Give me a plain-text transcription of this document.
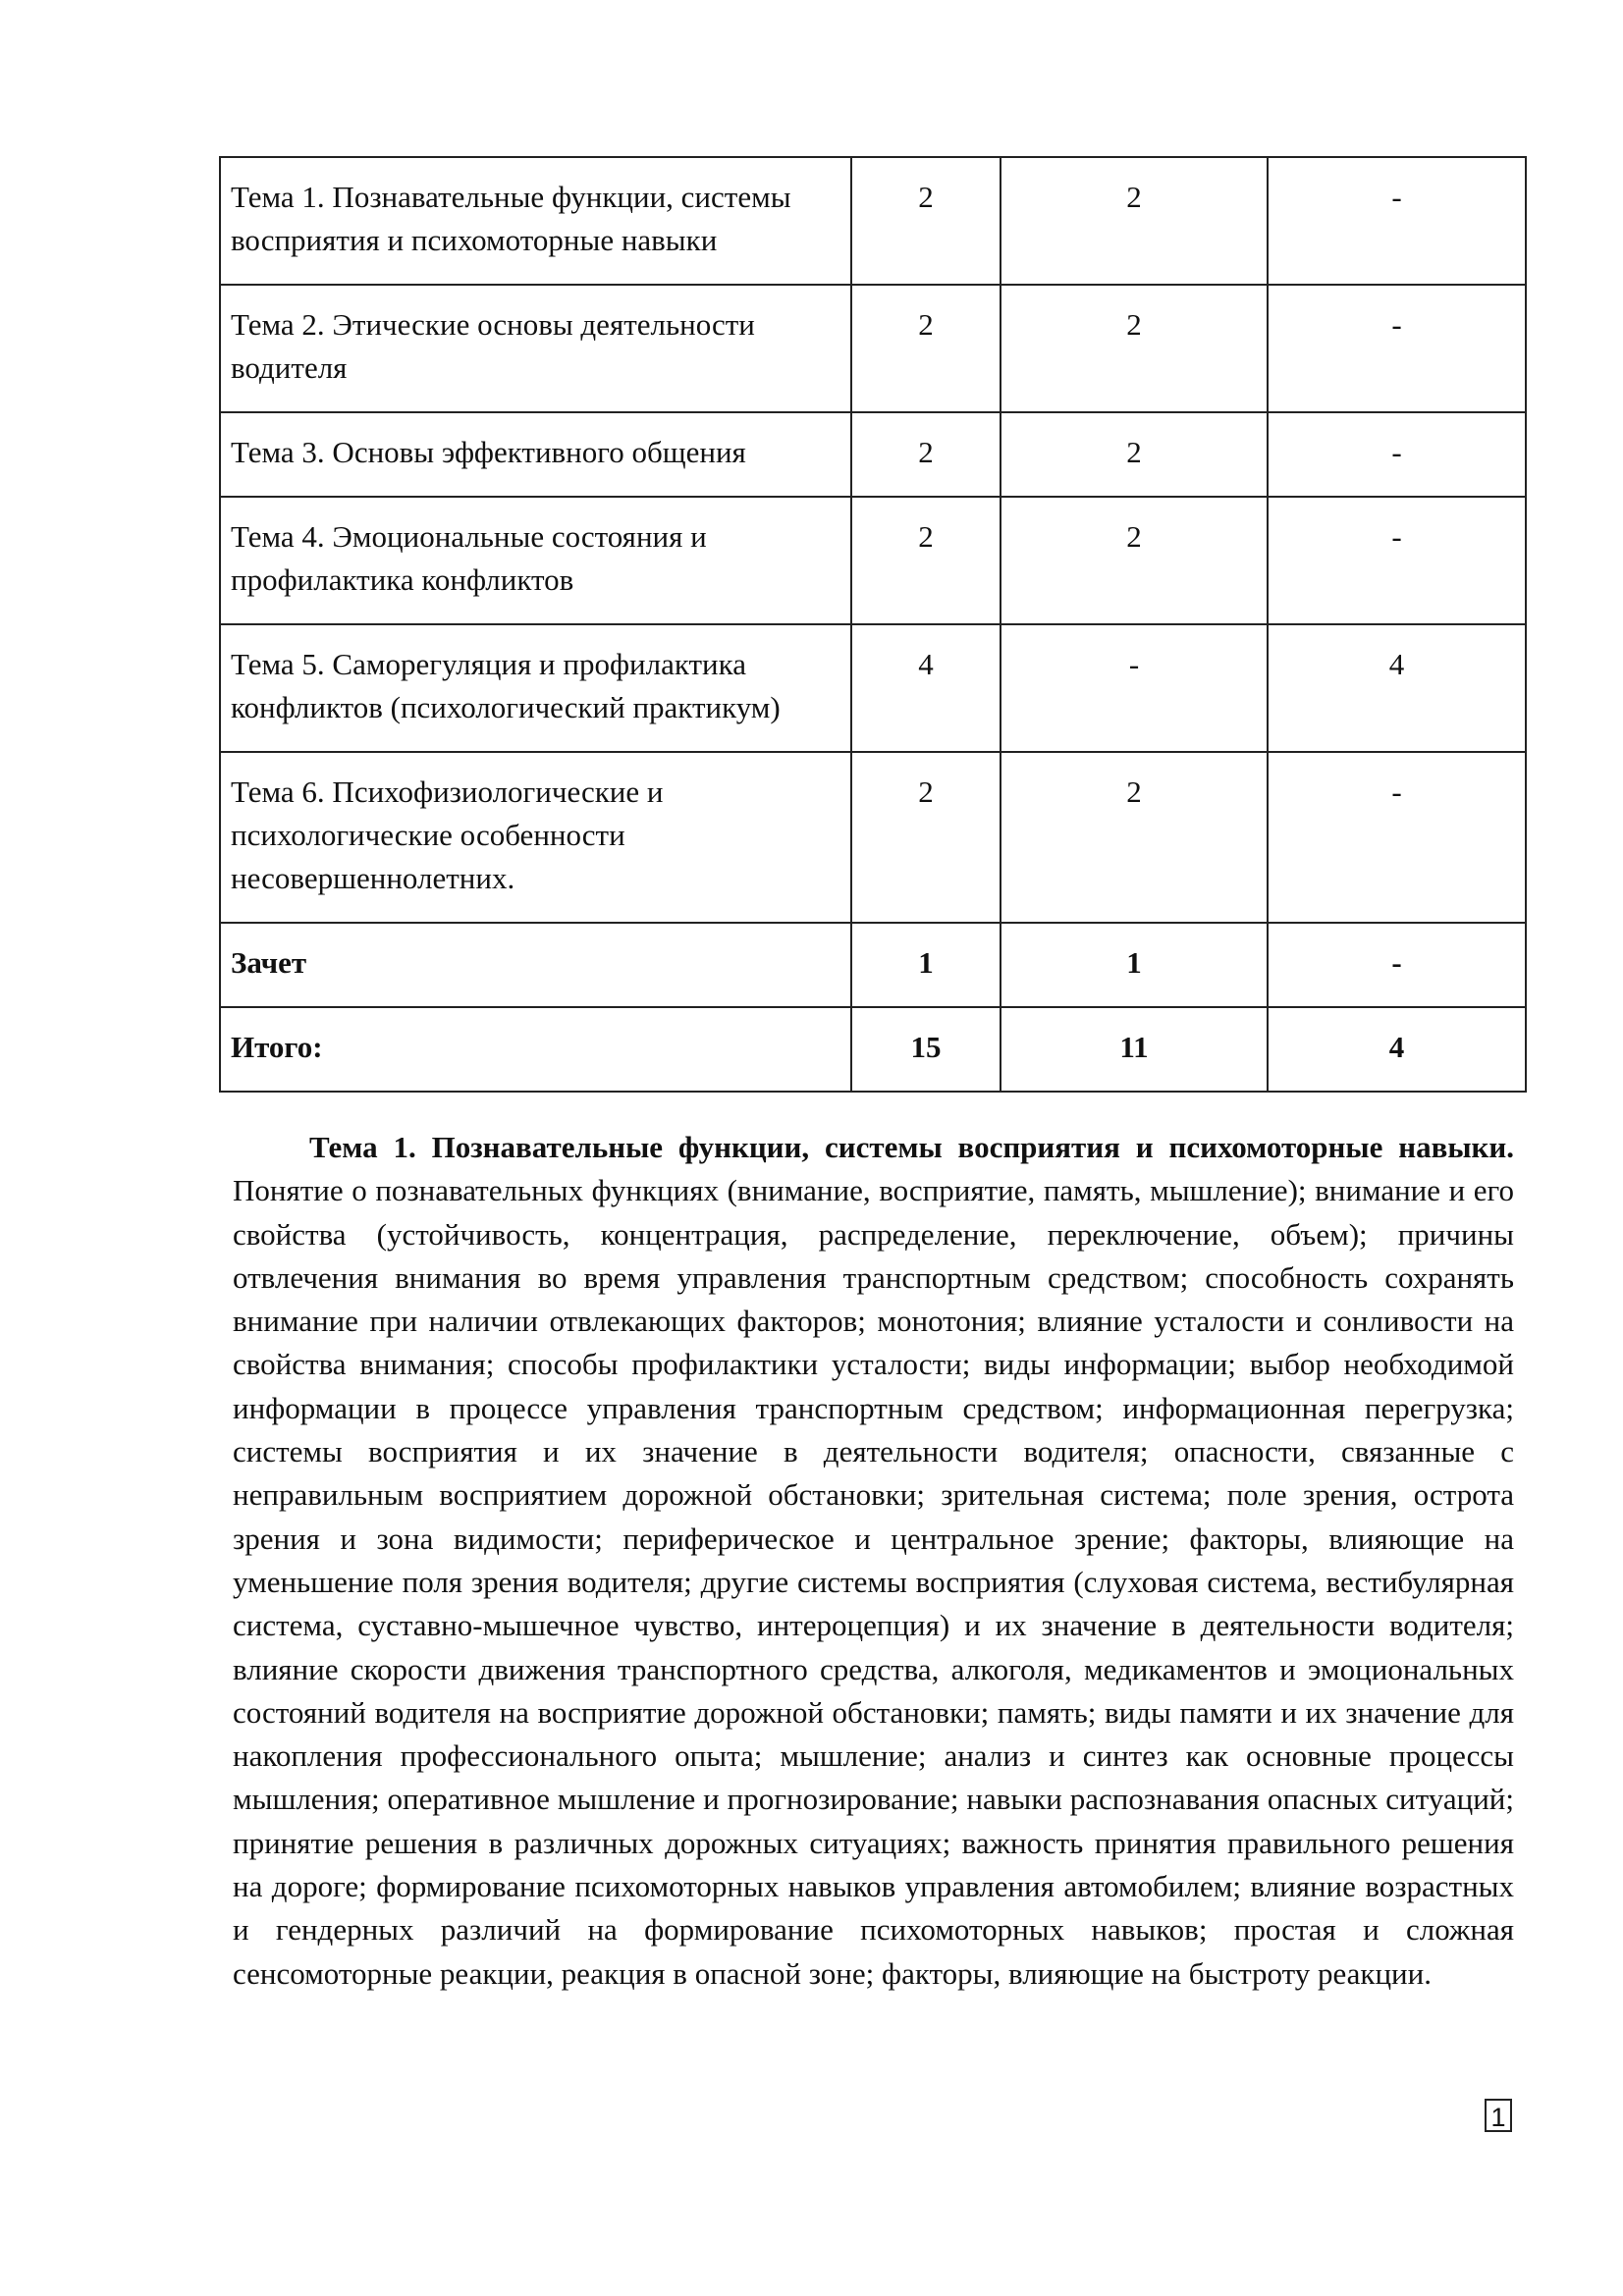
Тема 1. Познавательные функции, системы восприятия и психомоторные навыки	2	2	-
Тема 2. Этические основы деятельности водителя	2	2	-
Тема 3. Основы эффективного общения	2	2	-
Тема 4. Эмоциональные состояния и профилактика конфликтов	2	2	-
Тема 5. Саморегуляция и профилактика конфликтов (психологический практикум)	4	-	4
Тема 6. Психофизиологические и психологические особенности несовершеннолетних.	2	2	-
Зачет	1	1	-
Итого:	15	11	4

Тема 1. Познавательные функции, системы восприятия и психомоторные навыки. Понятие о познавательных функциях (внимание, восприятие, память, мышление); внимание и его свойства (устойчивость, концентрация, распределение, переключение, объем); причины отвлечения внимания во время управления транспортным средством; способность сохранять внимание при наличии отвлекающих факторов; монотония; влияние усталости и сонливости на свойства внимания; способы профилактики усталости; виды информации; выбор необходимой информации в процессе управления транспортным средством; информационная перегрузка; системы восприятия и их значение в деятельности водителя; опасности, связанные с неправильным восприятием дорожной обстановки; зрительная система; поле зрения, острота зрения и зона видимости; периферическое и центральное зрение; факторы, влияющие на уменьшение поля зрения водителя; другие системы восприятия (слуховая система, вестибулярная система, суставно-мышечное чувство, интероцепция) и их значение в деятельности водителя; влияние скорости движения транспортного средства, алкоголя, медикаментов и эмоциональных состояний водителя на восприятие дорожной обстановки; память; виды памяти и их значение для накопления профессионального опыта; мышление; анализ и синтез как основные процессы мышления; оперативное мышление и прогнозирование; навыки распознавания опасных ситуаций; принятие решения в различных дорожных ситуациях; важность принятия правильного решения на дороге; формирование психомоторных навыков управления автомобилем; влияние возрастных и гендерных различий на формирование психомоторных навыков; простая и сложная сенсомоторные реакции, реакция в опасной зоне; факторы, влияющие на быстроту реакции.

1
